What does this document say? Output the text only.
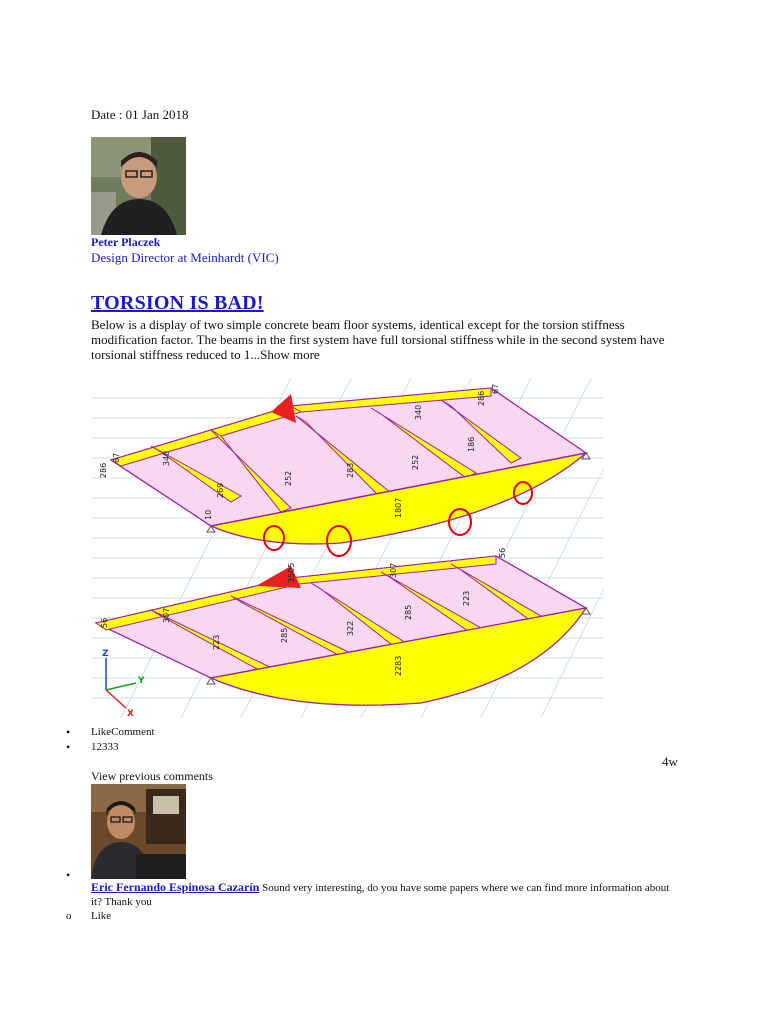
Date : 01 Jan 2018
Peter Placzek
Design Director at Meinhardt (VIC)
TORSION IS BAD!
Below is a display of two simple concrete beam floor systems, identical except for the torsion stiffness modification factor. The beams in the first system have full torsional stiffness while in the second system have torsional stiffness reduced to 1...Show more
286
67	340
186
269
1807
252
283
252
340
286
67
10
56	307
223	285	322
285
307
223
2283
56
3505
Z
Y
X
• LikeComment
• 12333
4w
View previous comments
•
Eric Fernando Espinosa Cazarín Sound very interesting, do you have some papers where we can find more information about it? Thank you
o Like
